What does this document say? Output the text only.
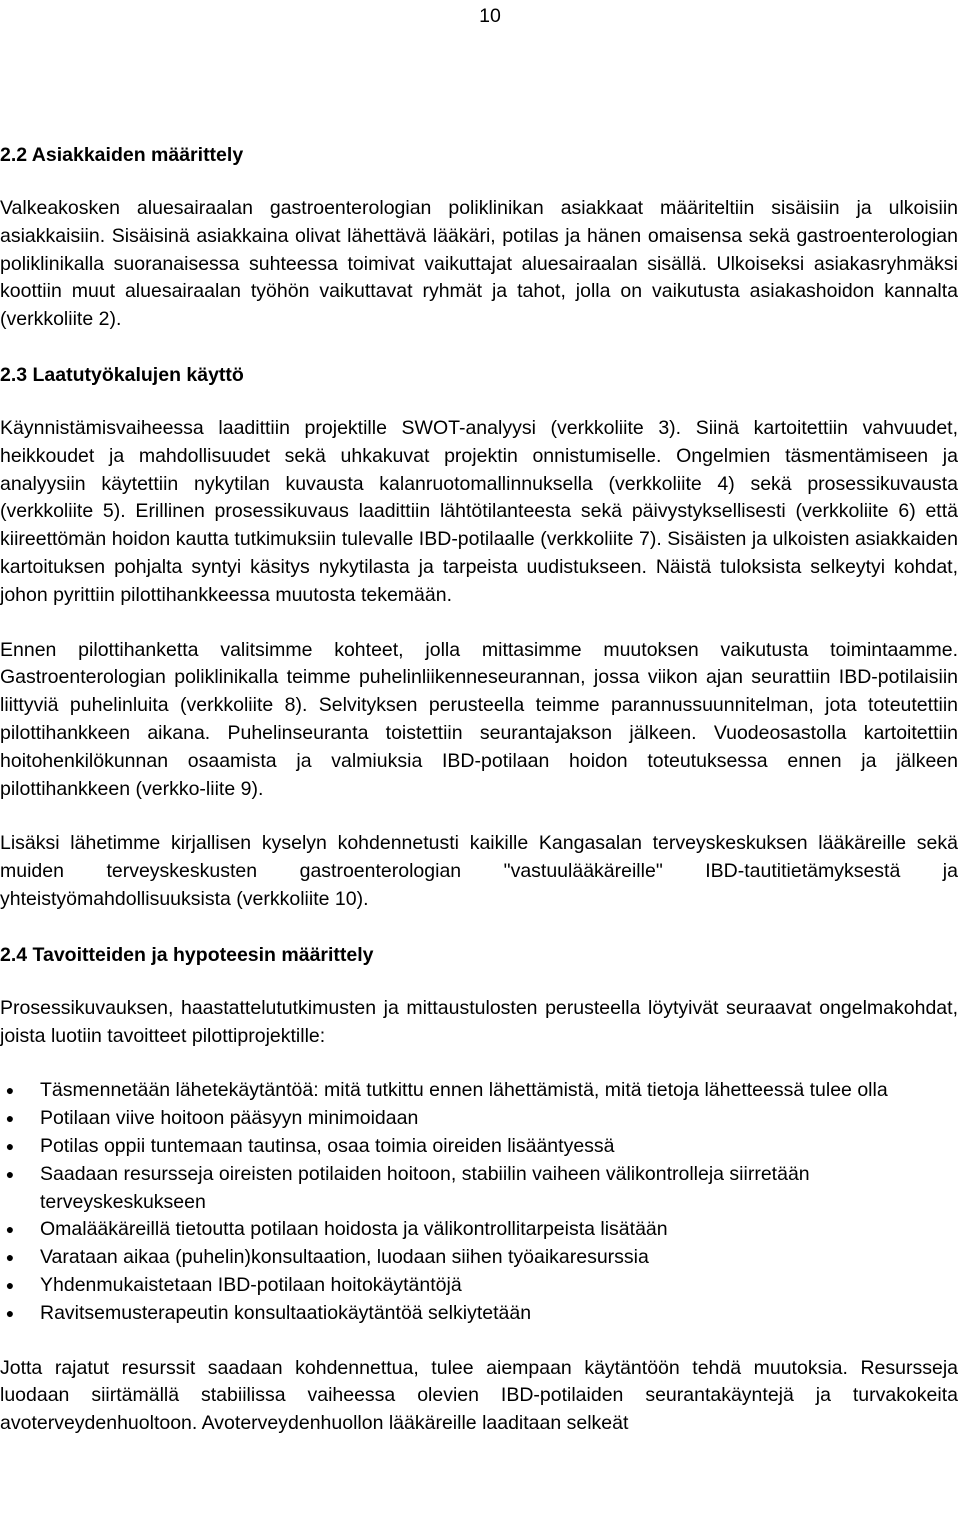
10
2.2 Asiakkaiden määrittely

Valkeakosken aluesairaalan gastroenterologian poliklinikan asiakkaat määriteltiin sisäisiin ja ulkoisiin asiakkaisiin. Sisäisinä asiakkaina olivat lähettävä lääkäri, potilas ja hänen omaisensa sekä gastroenterologian poliklinikalla suoranaisessa suhteessa toimivat vaikuttajat aluesairaalan sisällä. Ulkoiseksi asiakasryhmäksi koottiin muut aluesairaalan työhön vaikuttavat ryhmät ja tahot, jolla on vaikutusta asiakashoidon kannalta (verkkoliite 2).

2.3 Laatutyökalujen käyttö

Käynnistämisvaiheessa laadittiin projektille SWOT-analyysi (verkkoliite 3). Siinä kartoitettiin vahvuudet, heikkoudet ja mahdollisuudet sekä uhkakuvat projektin onnistumiselle. Ongelmien täsmentämiseen ja analyysiin käytettiin nykytilan kuvausta kalanruotomallinnuksella (verkkoliite 4) sekä prosessikuvausta (verkkoliite 5). Erillinen prosessikuvaus laadittiin lähtötilanteesta sekä päivystyksellisesti (verkkoliite 6) että kiireettömän hoidon kautta tutkimuksiin tulevalle IBD-potilaalle (verkkoliite 7). Sisäisten ja ulkoisten asiakkaiden kartoituksen pohjalta syntyi käsitys nykytilasta ja tarpeista uudistukseen. Näistä tuloksista selkeytyi kohdat, johon pyrittiin pilottihankkeessa muutosta tekemään.

Ennen pilottihanketta valitsimme kohteet, jolla mittasimme muutoksen vaikutusta toimintaamme. Gastroenterologian poliklinikalla teimme puhelinliikenneseurannan, jossa viikon ajan seurattiin IBD-potilaisiin liittyviä puhelinluita (verkkoliite 8). Selvityksen perusteella teimme parannussuunnitelman, jota toteutettiin pilottihankkeen aikana. Puhelinseuranta toistettiin seurantajakson jälkeen. Vuodeosastolla kartoitettiin hoitohenkilökunnan osaamista ja valmiuksia IBD-potilaan hoidon toteutuksessa ennen ja jälkeen pilottihankkeen (verkko-liite 9).

Lisäksi lähetimme kirjallisen kyselyn kohdennetusti kaikille Kangasalan terveyskeskuksen lääkäreille sekä muiden terveyskeskusten gastroenterologian "vastuulääkäreille" IBD-tautitietämyksestä ja yhteistyömahdollisuuksista (verkkoliite 10).

2.4 Tavoitteiden ja hypoteesin määrittely

Prosessikuvauksen, haastattelututkimusten ja mittaustulosten perusteella löytyivät seuraavat ongelmakohdat, joista luotiin tavoitteet pilottiprojektille:

● Täsmennetään lähetekäytäntöä: mitä tutkittu ennen lähettämistä, mitä tietoja lähetteessä tulee olla
● Potilaan viive hoitoon pääsyyn minimoidaan
● Potilas oppii tuntemaan tautinsa, osaa toimia oireiden lisääntyessä
● Saadaan resursseja oireisten potilaiden hoitoon, stabiilin vaiheen välikontrolleja siirretään terveyskeskukseen
● Omalääkäreillä tietoutta potilaan hoidosta ja välikontrollitarpeista lisätään
● Varataan aikaa (puhelin)konsultaation, luodaan siihen työaikaresurssia
● Yhdenmukaistetaan IBD-potilaan hoitokäytäntöjä
● Ravitsemusterapeutin konsultaatiokäytäntöä selkiytetään

Jotta rajatut resurssit saadaan kohdennettua, tulee aiempaan käytäntöön tehdä muutoksia. Resursseja luodaan siirtämällä stabiilissa vaiheessa olevien IBD-potilaiden seurantakäyntejä ja turvakokeita avoterveydenhuoltoon. Avoterveydenhuollon lääkäreille laaditaan selkeät
